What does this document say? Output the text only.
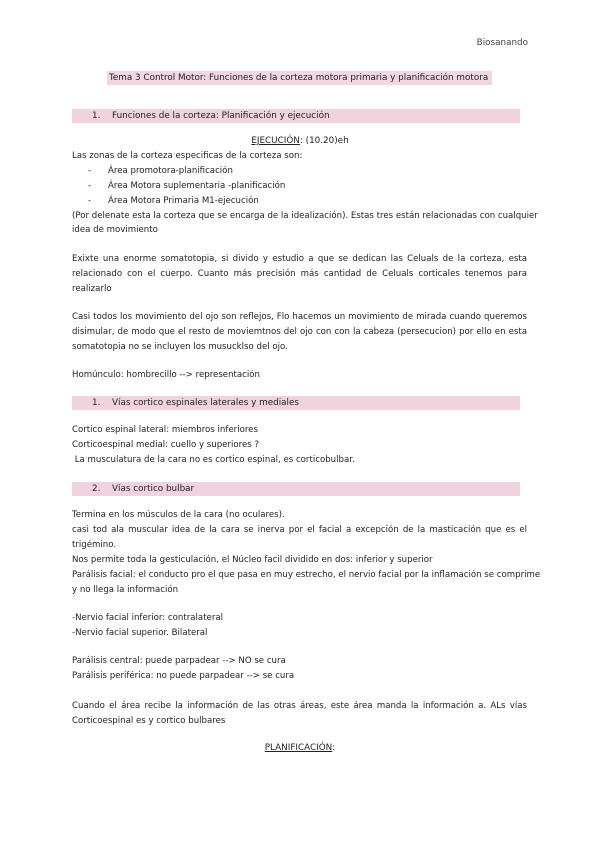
Biosanando
Tema 3 Control Motor: Funciones de la corteza motora primaria y planificación motora
1. Funciones de la corteza: Planificación y ejecución
EJECUCIÓN: (10.20)eh
Las zonas de la corteza especificas de la corteza son:
- Área promotora-planificación
- Área Motora suplementaria -planificación
- Área Motora Primaria M1-ejecución
(Por delenate esta la corteza que se encarga de la idealización). Estas tres están relacionadas con cualquier
idea de movimiento
Exixte una enorme somatotopia, si divido y estudio a que se dedican las Celuals de la corteza, esta
relacionado con el cuerpo. Cuanto más precisión más cantidad de Celuals corticales tenemos para
realizarlo
Casi todos los movimiento del ojo son reflejos, Flo hacemos un movimiento de mirada cuando queremos
disimular, de modo que el resto de moviemtnos del ojo con con la cabeza (persecucion) por ello en esta
somatotopia no se incluyen los musucklso del ojo.
Homúnculo: hombrecillo --> representación
1. Vías cortico espinales laterales y mediales
Cortico espinal lateral: miembros inferiores
Corticoespinal medial: cuello y superiores ?
La musculatura de la cara no es cortico espinal, es corticobulbar.
2. Vías cortico bulbar
Termina en los músculos de la cara (no oculares).
casi tod ala muscular idea de la cara se inerva por el facial a excepción de la masticación que es el
trigémino.
Nos permite toda la gesticulación, el Núcleo facil dividido en dos: inferior y superior
Parálisis facial: el conducto pro el que pasa en muy estrecho, el nervio facial por la inflamación se comprime
y no llega la información
-Nervio facial inferior: contralateral
-Nervio facial superior. Bilateral
Parálisis central: puede parpadear --> NO se cura
Parálisis periférica: no puede parpadear --> se cura
Cuando el área recibe la información de las otras áreas, este área manda la información a. ALs vías
Corticoespinal es y cortico bulbares
PLANIFICACIÓN:
